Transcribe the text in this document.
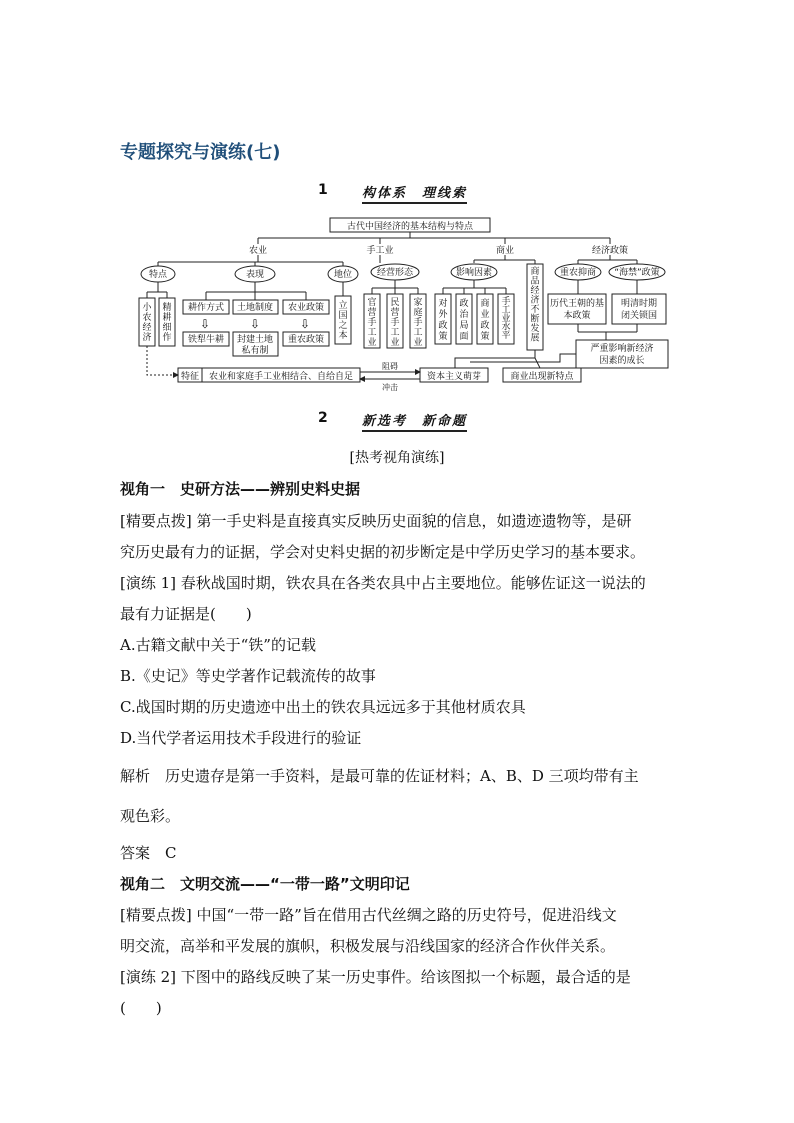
专题探究与演练(七)
1	构体系　理线索
⇩	⇩	⇩
古代中国经济的基本结构与特点
农业	手工业	商业	经济政策
特点	表现	地位	经营形态	影响因素	重农抑商 “海禁”政策
耕作方式 土地制度 农业政策
铁犁牛耕	重农政策
特征 农业和家庭手工业相结合、自给自足	资本主义萌芽	商业出现新特点
阻碍
冲击
小农经济
精耕细作
立国之本
官营手工业
民营手工业
家庭手工业
对外政策
政治局面
商业政策
手工业水平
商品经济不断发展
封建土地私有制
历代王朝的基本政策
明清时期闭关锁国
严重影响新经济因素的成长
2	新选考　新命题
[热考视角演练]
视角一　史研方法——辨别史料史据
[精要点拨] 第一手史料是直接真实反映历史面貌的信息，如遗迹遗物等，是研
究历史最有力的证据，学会对史料史据的初步断定是中学历史学习的基本要求。
[演练 1] 春秋战国时期，铁农具在各类农具中占主要地位。能够佐证这一说法的
最有力证据是(　　)
A.古籍文献中关于“铁”的记载
B.《史记》等史学著作记载流传的故事
C.战国时期的历史遗迹中出土的铁农具远远多于其他材质农具
D.当代学者运用技术手段进行的验证
解析　历史遗存是第一手资料，是最可靠的佐证材料；A、B、D 三项均带有主
观色彩。
答案　C
视角二　文明交流——“一带一路”文明印记
[精要点拨] 中国“一带一路”旨在借用古代丝绸之路的历史符号，促进沿线文
明交流，高举和平发展的旗帜，积极发展与沿线国家的经济合作伙伴关系。
[演练 2] 下图中的路线反映了某一历史事件。给该图拟一个标题，最合适的是
(　　)
